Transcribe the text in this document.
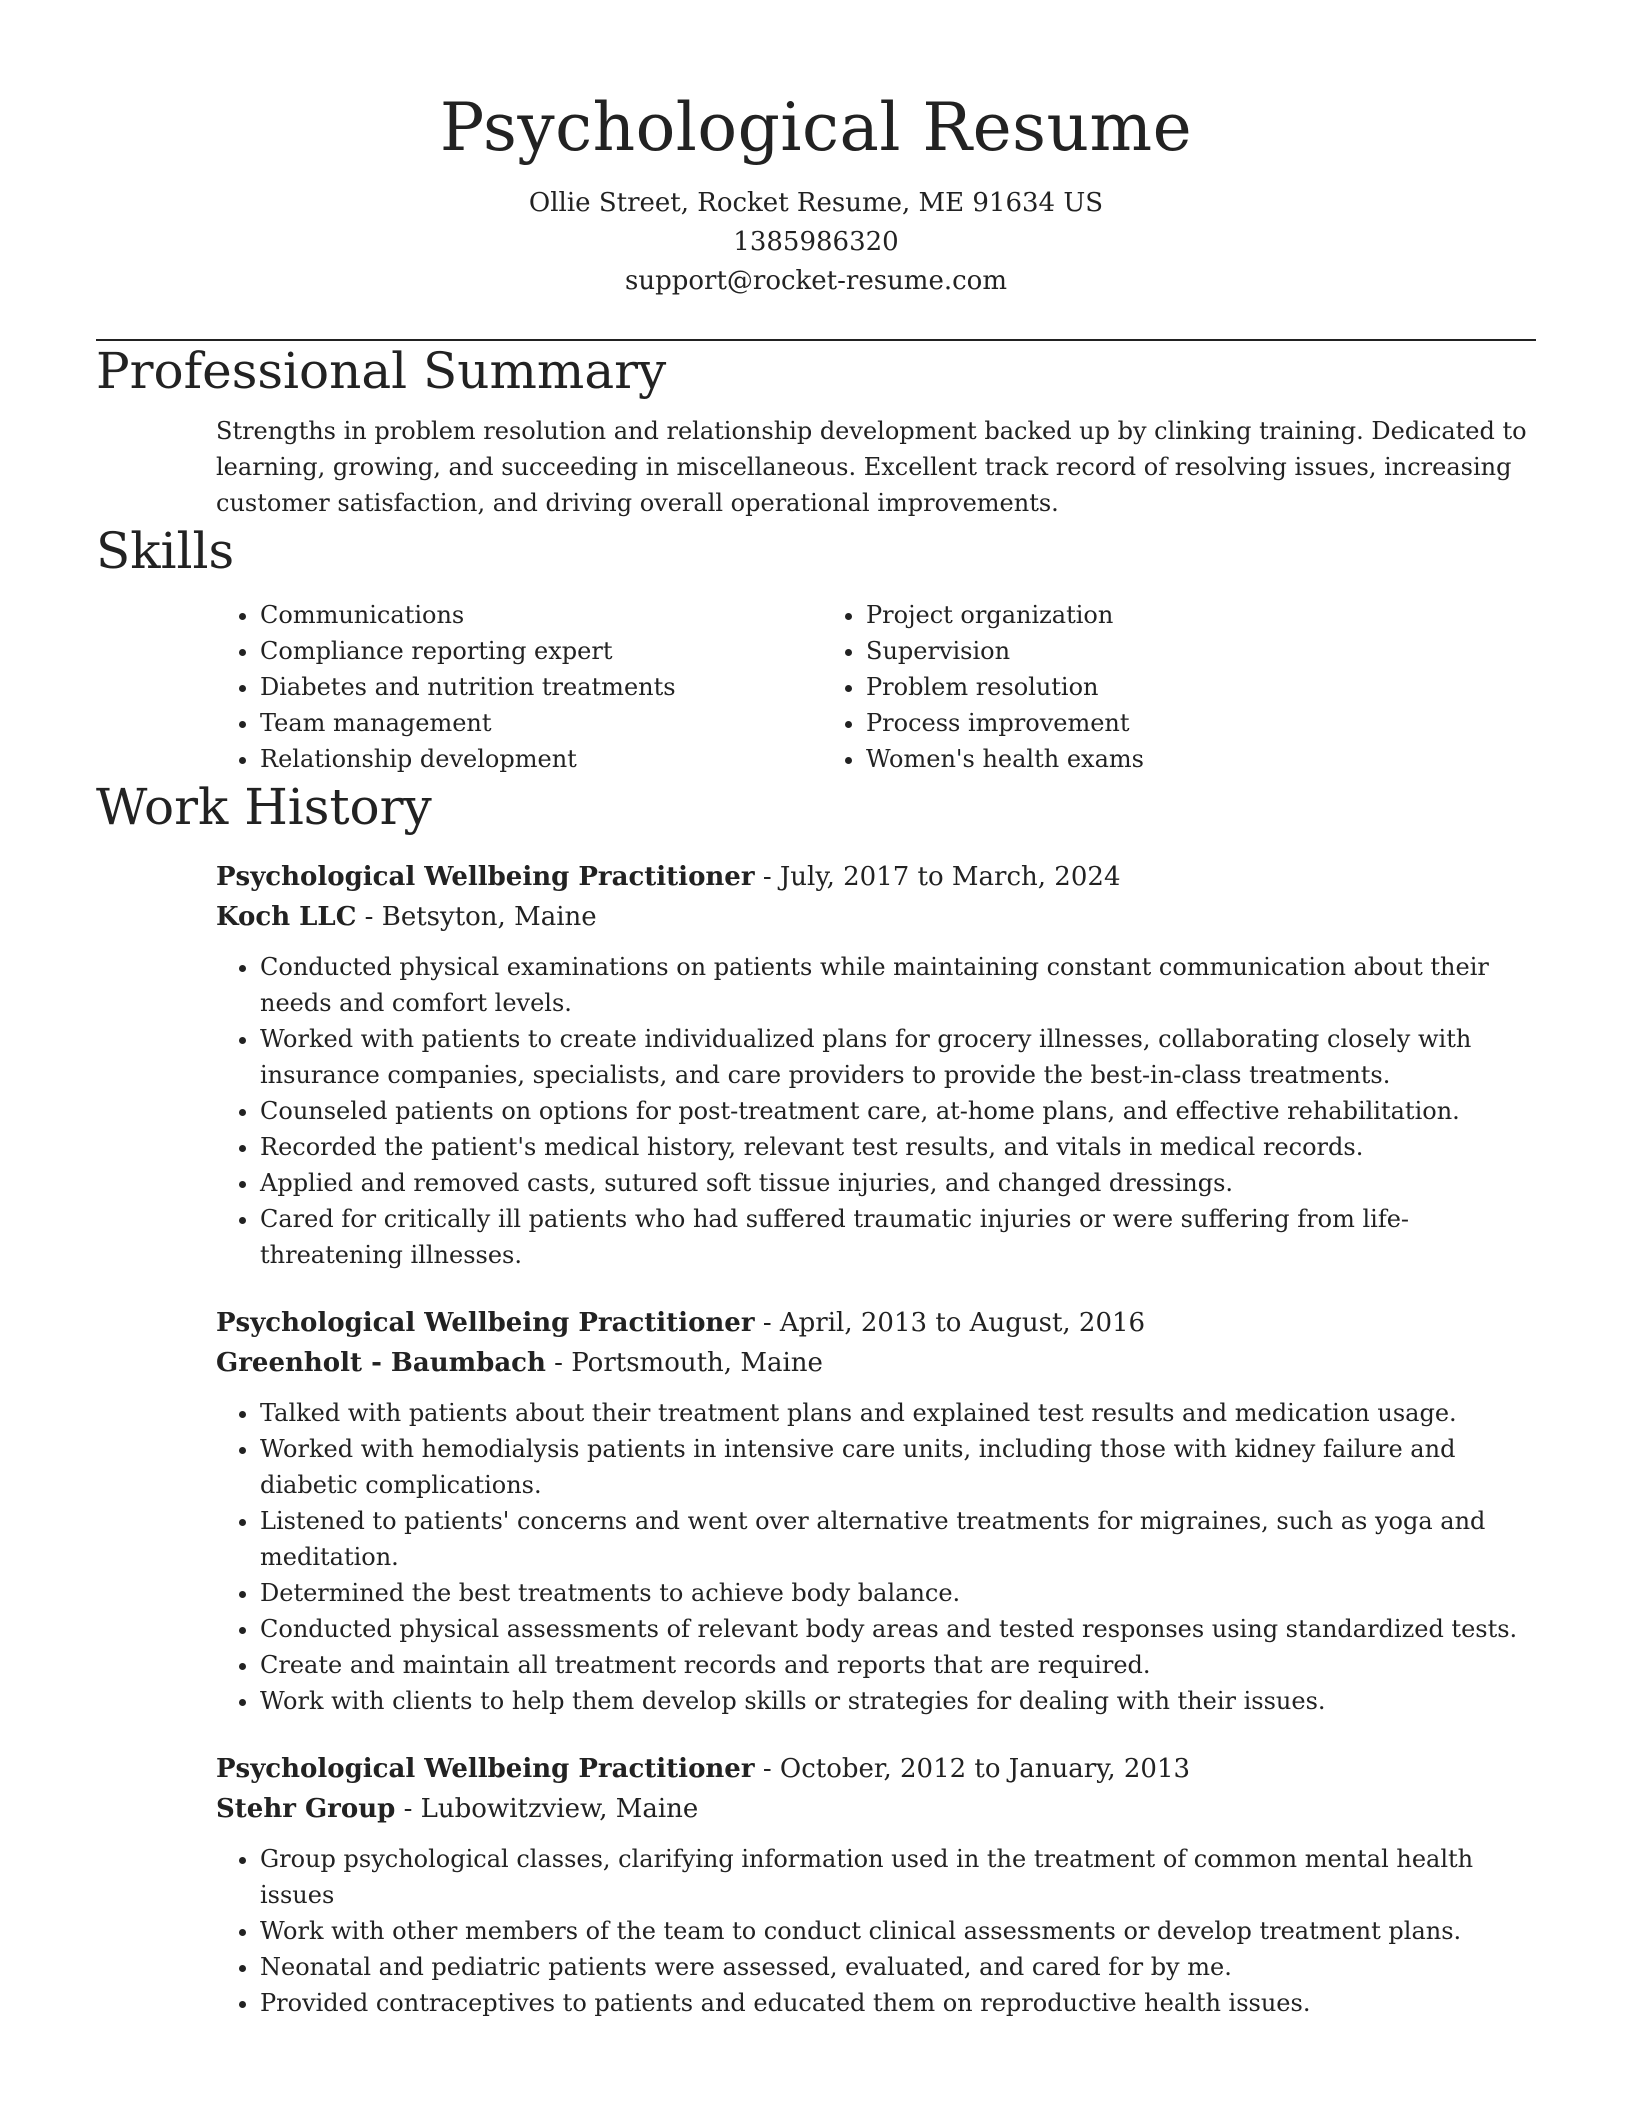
Psychological Resume
Ollie Street, Rocket Resume, ME 91634 US
1385986320
support@rocket-resume.com
Professional Summary

Strengths in problem resolution and relationship development backed up by clinking training. Dedicated to learning, growing, and succeeding in miscellaneous. Excellent track record of resolving issues, increasing customer satisfaction, and driving overall operational improvements.

Skills
• Communications
• Compliance reporting expert
• Diabetes and nutrition treatments
• Team management
• Relationship development
• Project organization
• Supervision
• Problem resolution
• Process improvement
• Women's health exams
Work History
Psychological Wellbeing Practitioner - July, 2017 to March, 2024
Koch LLC - Betsyton, Maine
• Conducted physical examinations on patients while maintaining constant communication about their needs and comfort levels.
• Worked with patients to create individualized plans for grocery illnesses, collaborating closely with insurance companies, specialists, and care providers to provide the best-in-class treatments.
• Counseled patients on options for post-treatment care, at-home plans, and effective rehabilitation.
• Recorded the patient's medical history, relevant test results, and vitals in medical records.
• Applied and removed casts, sutured soft tissue injuries, and changed dressings.
• Cared for critically ill patients who had suffered traumatic injuries or were suffering from life-threatening illnesses.
Psychological Wellbeing Practitioner - April, 2013 to August, 2016
Greenholt - Baumbach - Portsmouth, Maine
• Talked with patients about their treatment plans and explained test results and medication usage.
• Worked with hemodialysis patients in intensive care units, including those with kidney failure and diabetic complications.
• Listened to patients' concerns and went over alternative treatments for migraines, such as yoga and meditation.
• Determined the best treatments to achieve body balance.
• Conducted physical assessments of relevant body areas and tested responses using standardized tests.
• Create and maintain all treatment records and reports that are required.
• Work with clients to help them develop skills or strategies for dealing with their issues.
Psychological Wellbeing Practitioner - October, 2012 to January, 2013
Stehr Group - Lubowitzview, Maine
• Group psychological classes, clarifying information used in the treatment of common mental health issues
• Work with other members of the team to conduct clinical assessments or develop treatment plans.
• Neonatal and pediatric patients were assessed, evaluated, and cared for by me.
• Provided contraceptives to patients and educated them on reproductive health issues.
